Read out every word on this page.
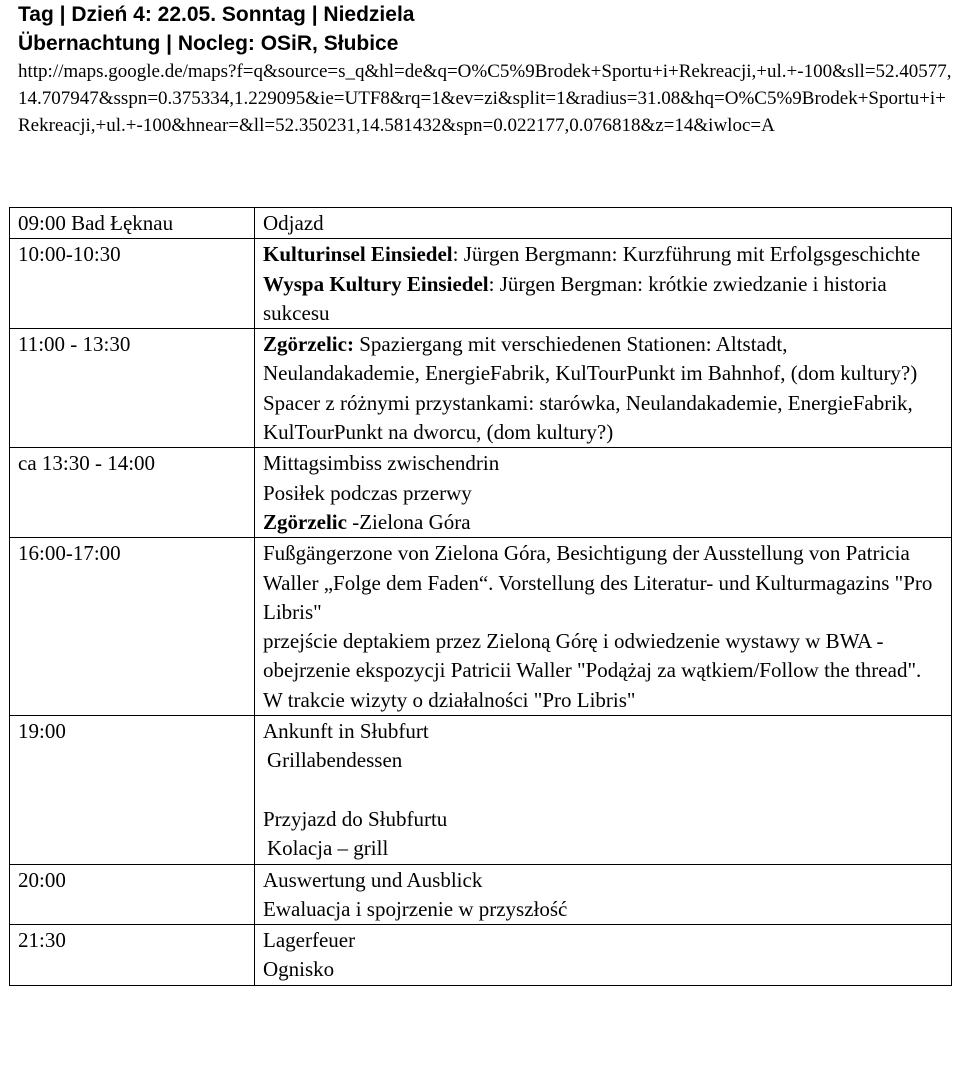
Tag | Dzień 4: 22.05. Sonntag | Niedziela
Übernachtung | Nocleg: OSiR, Słubice
http://maps.google.de/maps?f=q&source=s_q&hl=de&q=O%C5%9Brodek+Sportu+i+Rekreacji,+ul.+-100&sll=52.40577,14.707947&sspn=0.375334,1.229095&ie=UTF8&rq=1&ev=zi&split=1&radius=31.08&hq=O%C5%9Brodek+Sportu+i+Rekreacji,+ul.+-100&hnear=&ll=52.350231,14.581432&spn=0.022177,0.076818&z=14&iwloc=A
09:00 Bad Łęknau	Odjazd

10:00-10:30	Kulturinsel Einsiedel: Jürgen Bergmann: Kurzführung mit Erfolgsgeschichte
Wyspa Kultury Einsiedel: Jürgen Bergman: krótkie zwiedzanie i historia sukcesu

11:00 - 13:30	Zgörzelic: Spaziergang mit verschiedenen Stationen: Altstadt, Neulandakademie, EnergieFabrik, KulTourPunkt im Bahnhof, (dom kultury?)
Spacer z różnymi przystankami: starówka, Neulandakademie, EnergieFabrik, KulTourPunkt na dworcu, (dom kultury?)

ca 13:30 - 14:00	Mittagsimbiss zwischendrin
Posiłek podczas przerwy
Zgörzelic -Zielona Góra

16:00-17:00	Fußgängerzone von Zielona Góra, Besichtigung der Ausstellung von Patricia Waller „Folge dem Faden“. Vorstellung des Literatur- und Kulturmagazins "Pro Libris"
przejście deptakiem przez Zieloną Górę i odwiedzenie wystawy w BWA - obejrzenie ekspozycji Patricii Waller "Podążaj za wątkiem/Follow the thread". W trakcie wizyty o działalności "Pro Libris"

19:00	Ankunft in Słubfurt
Grillabendessen
Przyjazd do Słubfurtu
Kolacja – grill

20:00	Auswertung und Ausblick
Ewaluacja i spojrzenie w przyszłość

21:30	Lagerfeuer
Ognisko
